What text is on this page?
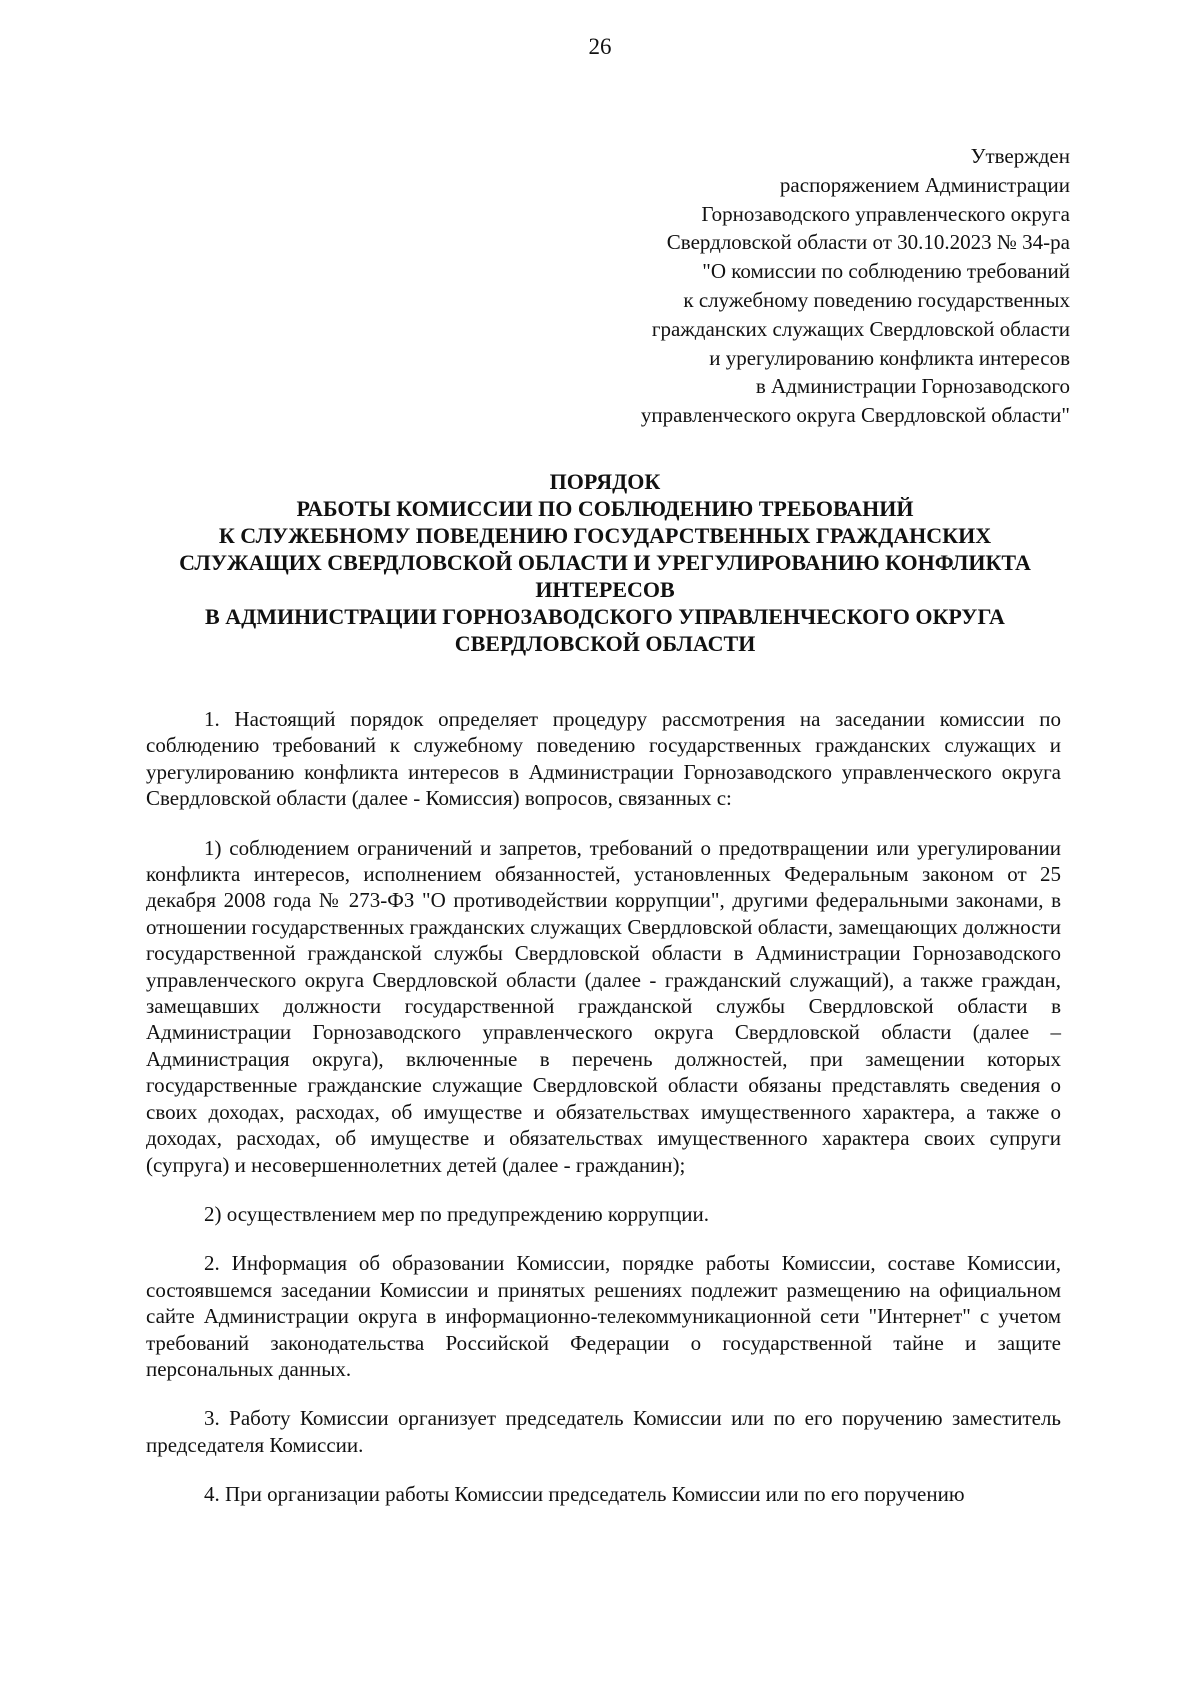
26
Утвержден
распоряжением Администрации
Горнозаводского управленческого округа
Свердловской области от 30.10.2023 № 34-ра
"О комиссии по соблюдению требований
к служебному поведению государственных
гражданских служащих Свердловской области
и урегулированию конфликта интересов
в Администрации Горнозаводского
управленческого округа Свердловской области"
ПОРЯДОК
РАБОТЫ КОМИССИИ ПО СОБЛЮДЕНИЮ ТРЕБОВАНИЙ
К СЛУЖЕБНОМУ ПОВЕДЕНИЮ ГОСУДАРСТВЕННЫХ ГРАЖДАНСКИХ
СЛУЖАЩИХ СВЕРДЛОВСКОЙ ОБЛАСТИ И УРЕГУЛИРОВАНИЮ КОНФЛИКТА
ИНТЕРЕСОВ
В АДМИНИСТРАЦИИ ГОРНОЗАВОДСКОГО УПРАВЛЕНЧЕСКОГО ОКРУГА
СВЕРДЛОВСКОЙ ОБЛАСТИ

1. Настоящий порядок определяет процедуру рассмотрения на заседании комиссии по соблюдению требований к служебному поведению государственных гражданских служащих и урегулированию конфликта интересов в Администрации Горнозаводского управленческого округа Свердловской области (далее - Комиссия) вопросов, связанных с:

1) соблюдением ограничений и запретов, требований о предотвращении или урегулировании конфликта интересов, исполнением обязанностей, установленных Федеральным законом от 25 декабря 2008 года № 273-ФЗ "О противодействии коррупции", другими федеральными законами, в отношении государственных гражданских служащих Свердловской области, замещающих должности государственной гражданской службы Свердловской области в Администрации Горнозаводского управленческого округа Свердловской области (далее - гражданский служащий), а также граждан, замещавших должности государственной гражданской службы Свердловской области в Администрации Горнозаводского управленческого округа Свердловской области (далее – Администрация округа), включенные в перечень должностей, при замещении которых государственные гражданские служащие Свердловской области обязаны представлять сведения о своих доходах, расходах, об имуществе и обязательствах имущественного характера, а также о доходах, расходах, об имуществе и обязательствах имущественного характера своих супруги (супруга) и несовершеннолетних детей (далее - гражданин);

2) осуществлением мер по предупреждению коррупции.

2. Информация об образовании Комиссии, порядке работы Комиссии, составе Комиссии, состоявшемся заседании Комиссии и принятых решениях подлежит размещению на официальном сайте Администрации округа в информационно-телекоммуникационной сети "Интернет" с учетом требований законодательства Российской Федерации о государственной тайне и защите персональных данных.

3. Работу Комиссии организует председатель Комиссии или по его поручению заместитель председателя Комиссии.

4. При организации работы Комиссии председатель Комиссии или по его поручению
